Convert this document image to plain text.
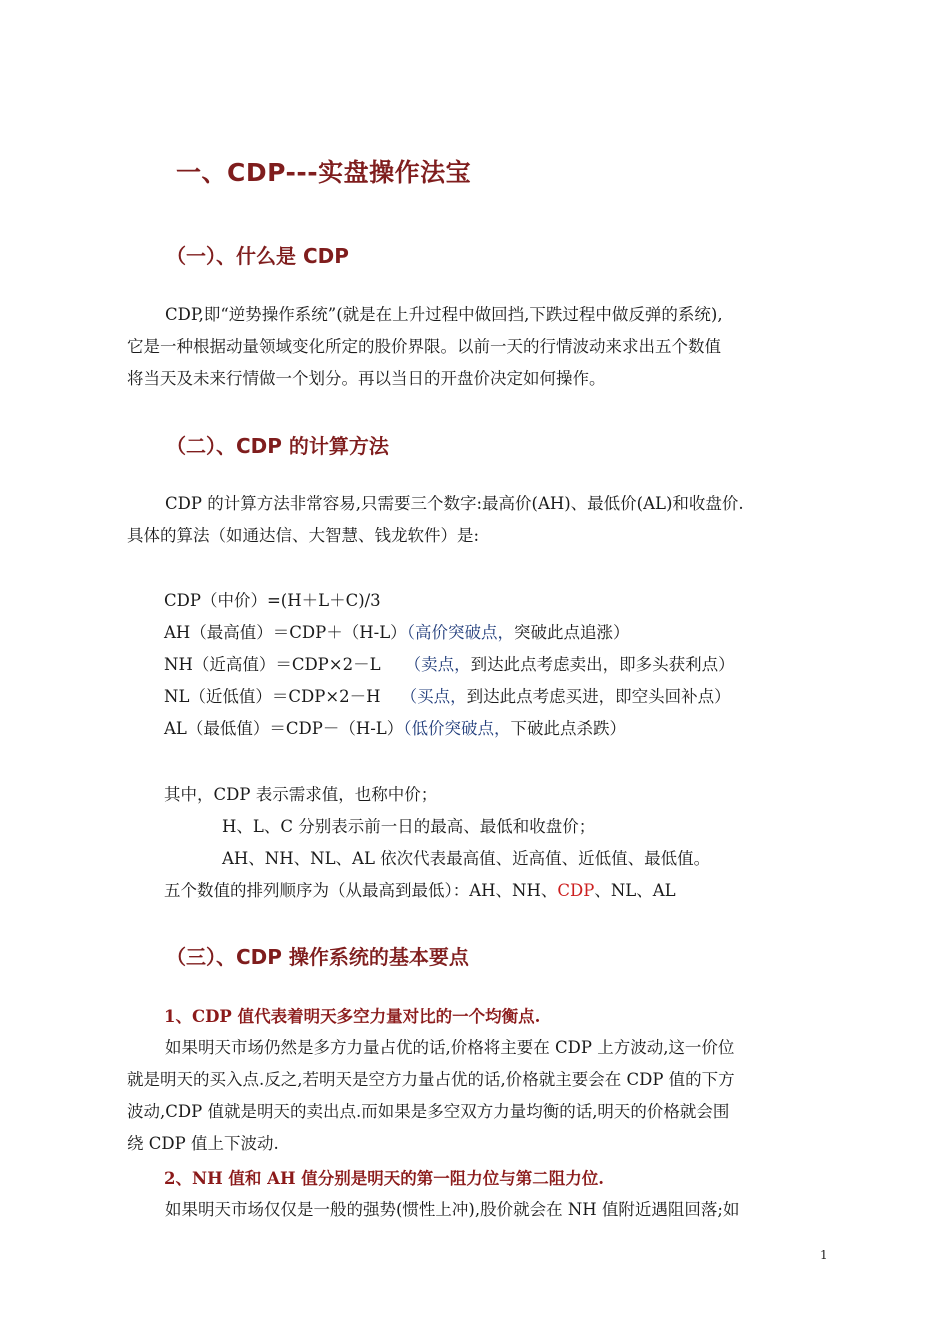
一、CDP---实盘操作法宝
（一）、什么是 CDP
CDP,即“逆势操作系统”(就是在上升过程中做回挡,下跌过程中做反弹的系统),
它是一种根据动量领域变化所定的股价界限。以前一天的行情波动来求出五个数值
将当天及未来行情做一个划分。再以当日的开盘价决定如何操作。
（二）、CDP 的计算方法
CDP 的计算方法非常容易,只需要三个数字:最高价(AH)、最低价(AL)和收盘价.
具体的算法（如通达信、大智慧、钱龙软件）是:
CDP（中价）=(H＋L＋C)/3
AH（最高值）＝CDP＋（H-L）（高价突破点，突破此点追涨）
NH（近高值）＝CDP×2－L （卖点，到达此点考虑卖出，即多头获利点）
NL（近低值）＝CDP×2－H （买点，到达此点考虑买进，即空头回补点）
AL（最低值）＝CDP－（H-L）（低价突破点，下破此点杀跌）
其中，CDP 表示需求值，也称中价；
H、L、C 分别表示前一日的最高、最低和收盘价；
AH、NH、NL、AL 依次代表最高值、近高值、近低值、最低值。
五个数值的排列顺序为（从最高到最低）：AH、NH、CDP、NL、AL
（三）、CDP 操作系统的基本要点
1、CDP 值代表着明天多空力量对比的一个均衡点.
如果明天市场仍然是多方力量占优的话,价格将主要在 CDP 上方波动,这一价位
就是明天的买入点.反之,若明天是空方力量占优的话,价格就主要会在 CDP 值的下方
波动,CDP 值就是明天的卖出点.而如果是多空双方力量均衡的话,明天的价格就会围
绕 CDP 值上下波动.
2、NH 值和 AH 值分别是明天的第一阻力位与第二阻力位.
如果明天市场仅仅是一般的强势(惯性上冲),股价就会在 NH 值附近遇阻回落;如
1
